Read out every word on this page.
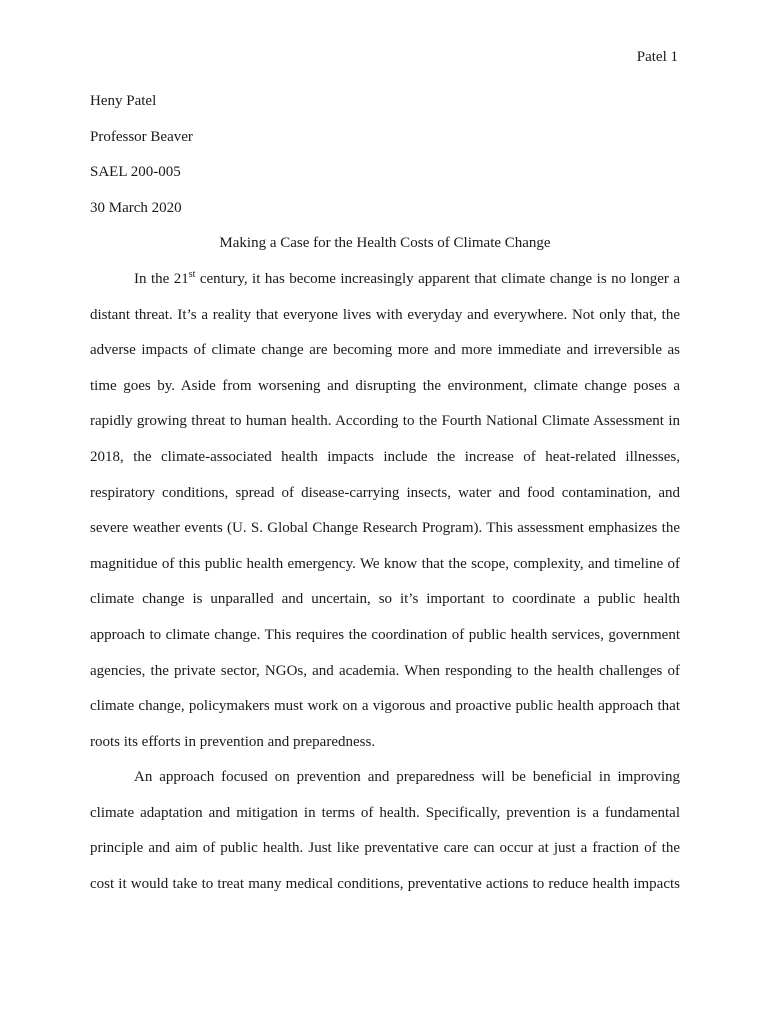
Patel 1
Heny Patel
Professor Beaver
SAEL 200-005
30 March 2020
Making a Case for the Health Costs of Climate Change
In the 21st century, it has become increasingly apparent that climate change is no longer a
distant threat. It’s a reality that everyone lives with everyday and everywhere. Not only that, the
adverse impacts of climate change are becoming more and more immediate and irreversible as
time goes by. Aside from worsening and disrupting the environment, climate change poses a
rapidly growing threat to human health. According to the Fourth National Climate Assessment in
2018, the climate-associated health impacts include the increase of heat-related illnesses,
respiratory conditions, spread of disease-carrying insects, water and food contamination, and
severe weather events (U. S. Global Change Research Program). This assessment emphasizes the
magnitidue of this public health emergency. We know that the scope, complexity, and timeline of
climate change is unparalled and uncertain, so it’s important to coordinate a public health
approach to climate change. This requires the coordination of public health services, government
agencies, the private sector, NGOs, and academia. When responding to the health challenges of
climate change, policymakers must work on a vigorous and proactive public health approach that
roots its efforts in prevention and preparedness.
An approach focused on prevention and preparedness will be beneficial in improving
climate adaptation and mitigation in terms of health. Specifically, prevention is a fundamental
principle and aim of public health. Just like preventative care can occur at just a fraction of the
cost it would take to treat many medical conditions, preventative actions to reduce health impacts
